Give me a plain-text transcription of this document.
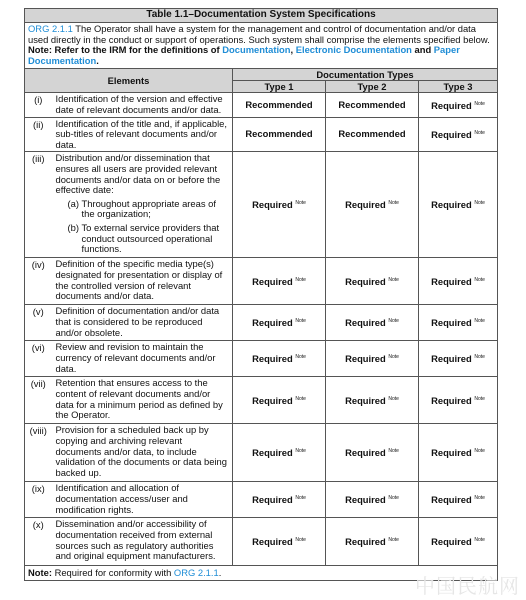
Table 1.1–Documentation System Specifications				
ORG 2.1.1 The Operator shall have a system for the management and control of documentation and/or data used directly in the conduct or support of operations. Such system shall comprise the elements specified below. Note: Refer to the IRM for the definitions of Documentation, Electronic Documentation and Paper Documentation.				
Elements		Documentation Types		
		Type 1	Type 2	Type 3
(i)	Identification of the version and effective date of relevant documents and/or data.	Recommended	Recommended	Required $^{Note}$
(ii)	Identification of the title and, if applicable, sub-titles of relevant documents and/or data.	Recommended	Recommended	Required $^{Note}$
(iii)	Distribution and/or dissemination that ensures all users are provided relevant documents and/or data on or before the effective date:
(a) Throughout appropriate areas of the organization;
(b) To external service providers that conduct outsourced operational functions.	Required $^{Note}$	Required $^{Note}$	Required $^{Note}$
(iv)	Definition of the specific media type(s) designated for presentation or display of the controlled version of relevant documents and/or data.	Required $^{Note}$	Required $^{Note}$	Required $^{Note}$
(v)	Definition of documentation and/or data that is considered to be reproduced and/or obsolete.	Required $^{Note}$	Required $^{Note}$	Required $^{Note}$
(vi)	Review and revision to maintain the currency of relevant documents and/or data.	Required $^{Note}$	Required $^{Note}$	Required $^{Note}$
(vii)	Retention that ensures access to the content of relevant documents and/or data for a minimum period as defined by the Operator.	Required $^{Note}$	Required $^{Note}$	Required $^{Note}$
(viii)	Provision for a scheduled back up by copying and archiving relevant documents and/or data, to include validation of the documents or data being backed up.	Required $^{Note}$	Required $^{Note}$	Required $^{Note}$
(ix)	Identification and allocation of documentation access/user and modification rights.	Required $^{Note}$	Required $^{Note}$	Required $^{Note}$
(x)	Dissemination and/or accessibility of documentation received from external sources such as regulatory authorities and original equipment manufacturers.	Required $^{Note}$	Required $^{Note}$	Required $^{Note}$
Note: Required for conformity with ORG 2.1.1.				
中国民航网
